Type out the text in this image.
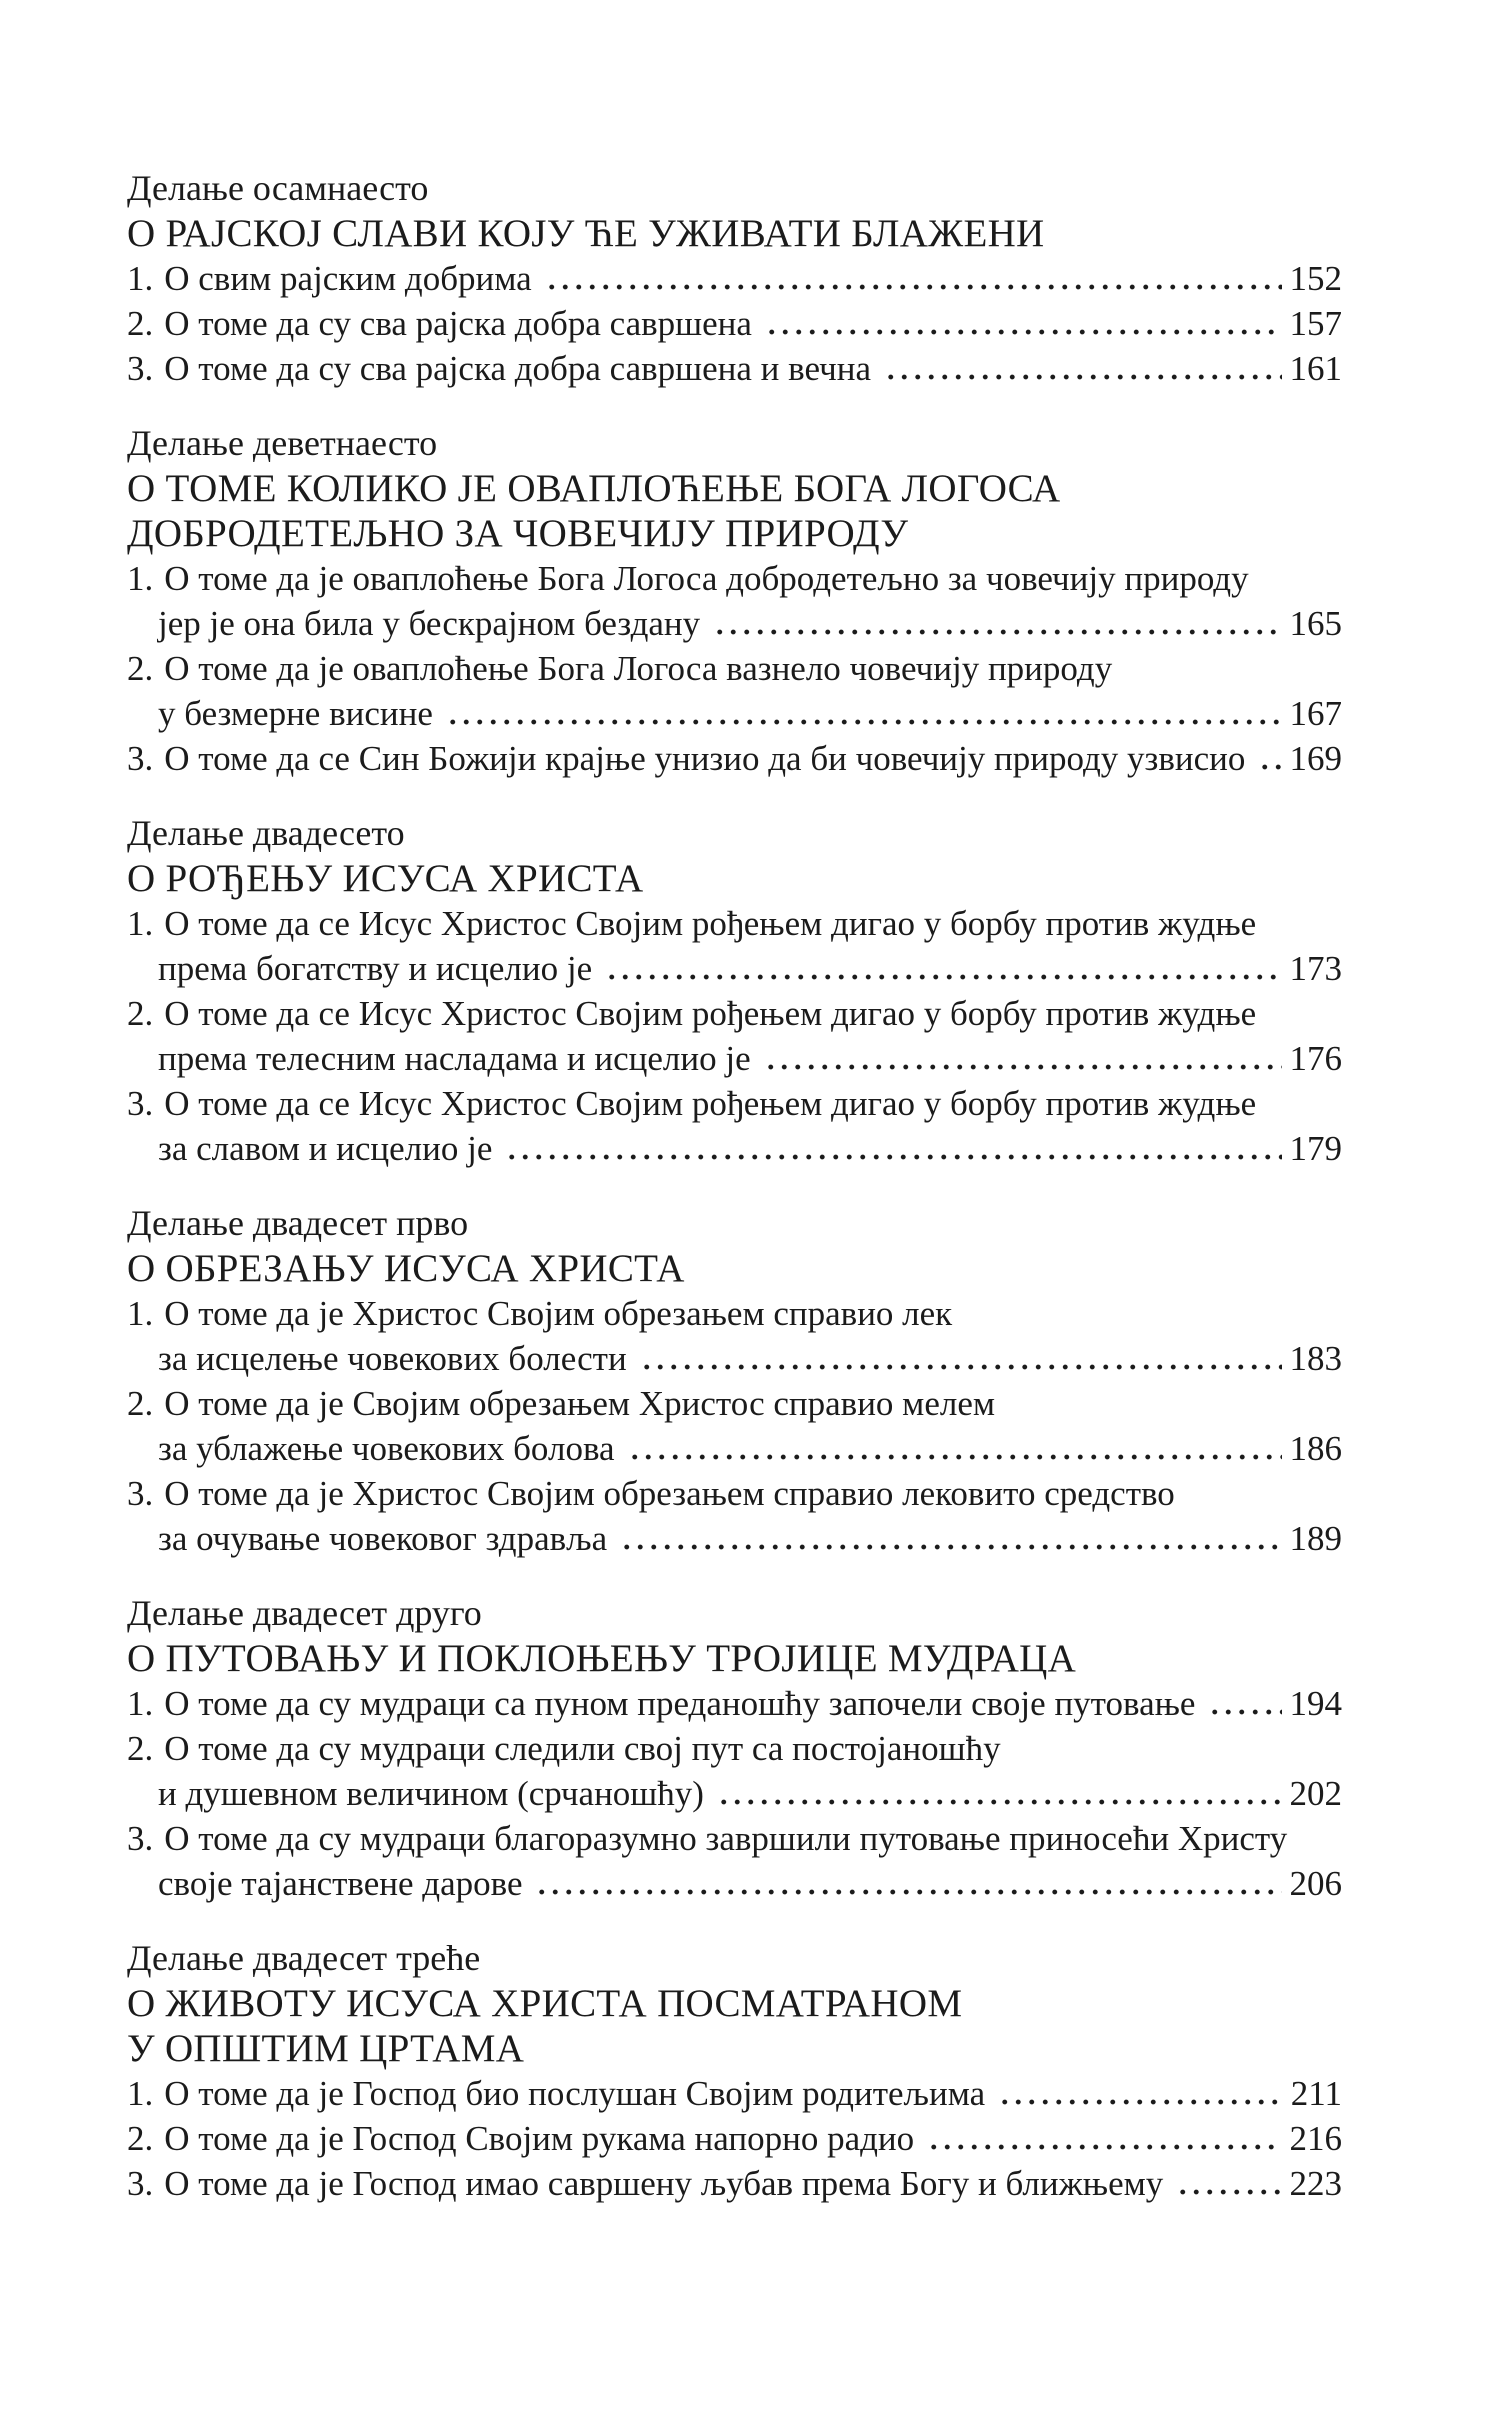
Делање осамнаесто
О РАЈСКОЈ СЛАВИ КОЈУ ЋЕ УЖИВАТИ БЛАЖЕНИ
1. О свим рајским добрима	152
2. О томе да су сва рајска добра савршена	157
3. О томе да су сва рајска добра савршена и вечна	161
Делање деветнаесто
О ТОМЕ КОЛИКО ЈЕ ОВАПЛОЋЕЊЕ БОГА ЛОГОСА
ДОБРОДЕТЕЉНО ЗА ЧОВЕЧИЈУ ПРИРОДУ
1. О томе да је оваплоћење Бога Логоса добродетељно за човечију природу
јер је она била у бескрајном бездану	165
2. О томе да је оваплоћење Бога Логоса вазнело човечију природу
у безмерне висине	167
3. О томе да се Син Божији крајње унизио да би човечију природу узвисио 169
Делање двадесето
О РОЂЕЊУ ИСУСА ХРИСТА
1. О томе да се Исус Христос Својим рођењем дигао у борбу против жудње
према богатству и исцелио је	173
2. О томе да се Исус Христос Својим рођењем дигао у борбу против жудње
према телесним насладама и исцелио је	176
3. О томе да се Исус Христос Својим рођењем дигао у борбу против жудње
за славом и исцелио је	179
Делање двадесет прво
О ОБРЕЗАЊУ ИСУСА ХРИСТА
1. О томе да је Христос Својим обрезањем справио лек
за исцелење човекових болести	183
2. О томе да је Својим обрезањем Христос справио мелем
за ублажење човекових болова	186
3. О томе да је Христос Својим обрезањем справио лековито средство
за очување човековог здравља	189
Делање двадесет друго
О ПУТОВАЊУ И ПОКЛОЊЕЊУ ТРОЈИЦЕ МУДРАЦА
1. О томе да су мудраци са пуном преданошћу започели своје путовање	194
2. О томе да су мудраци следили свој пут са постојаношћу
и душевном величином (срчаношћу)	202
3. О томе да су мудраци благоразумно завршили путовање приносећи Христу
своје тајанствене дарове	206
Делање двадесет треће
О ЖИВОТУ ИСУСА ХРИСТА ПОСМАТРАНОМ
У ОПШТИМ ЦРТАМА
1. О томе да је Господ био послушан Својим родитељима	211
2. О томе да је Господ Својим рукама напорно радио	216
3. О томе да је Господ имао савршену љубав према Богу и ближњему	223
